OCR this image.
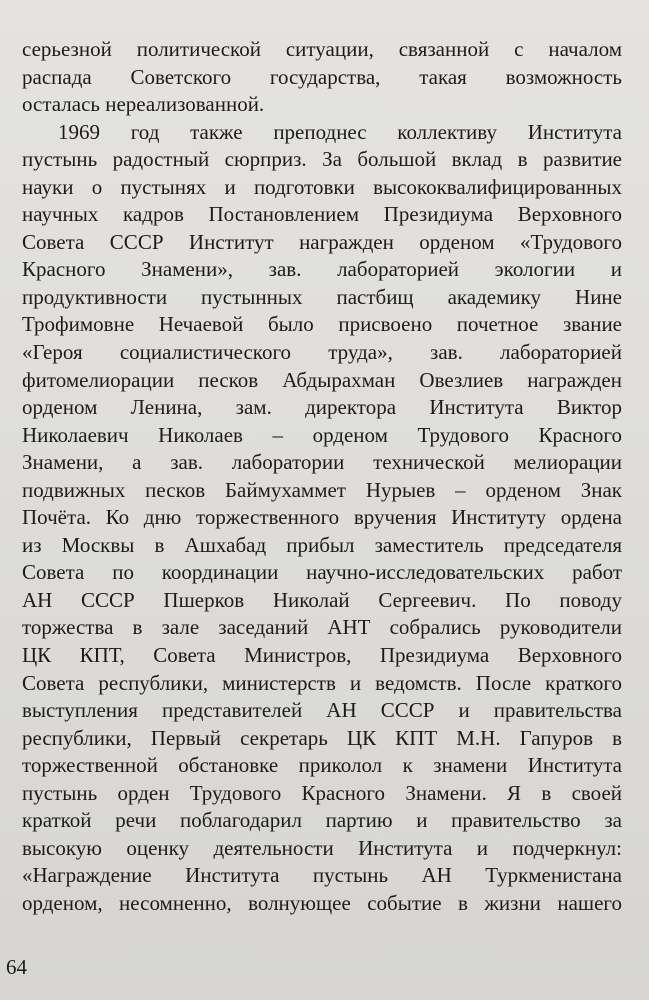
серьезной политической ситуации, связанной с началом
распада Советского государства, такая возможность
осталась нереализованной.
1969 год также преподнес коллективу Института
пустынь радостный сюрприз. За большой вклад в развитие
науки о пустынях и подготовки высококвалифицированных
научных кадров Постановлением Президиума Верховного
Совета СССР Институт награжден орденом «Трудового
Красного Знамени», зав. лабораторией экологии и
продуктивности пустынных пастбищ академику Нине
Трофимовне Нечаевой было присвоено почетное звание
«Героя социалистического труда», зав. лабораторией
фитомелиорации песков Абдырахман Овезлиев награжден
орденом Ленина, зам. директора Института Виктор
Николаевич Николаев – орденом Трудового Красного
Знамени, а зав. лаборатории технической мелиорации
подвижных песков Баймухаммет Нурыев – орденом Знак
Почёта. Ко дню торжественного вручения Институту ордена
из Москвы в Ашхабад прибыл заместитель председателя
Совета по координации научно-исследовательских работ
АН СССР Пшерков Николай Сергеевич. По поводу
торжества в зале заседаний АНТ собрались руководители
ЦК КПТ, Совета Министров, Президиума Верховного
Совета республики, министерств и ведомств. После краткого
выступления представителей АН СССР и правительства
республики, Первый секретарь ЦК КПТ М.Н. Гапуров в
торжественной обстановке приколол к знамени Института
пустынь орден Трудового Красного Знамени. Я в своей
краткой речи поблагодарил партию и правительство за
высокую оценку деятельности Института и подчеркнул:
«Награждение Института пустынь АН Туркменистана
орденом, несомненно, волнующее событие в жизни нашего
64
